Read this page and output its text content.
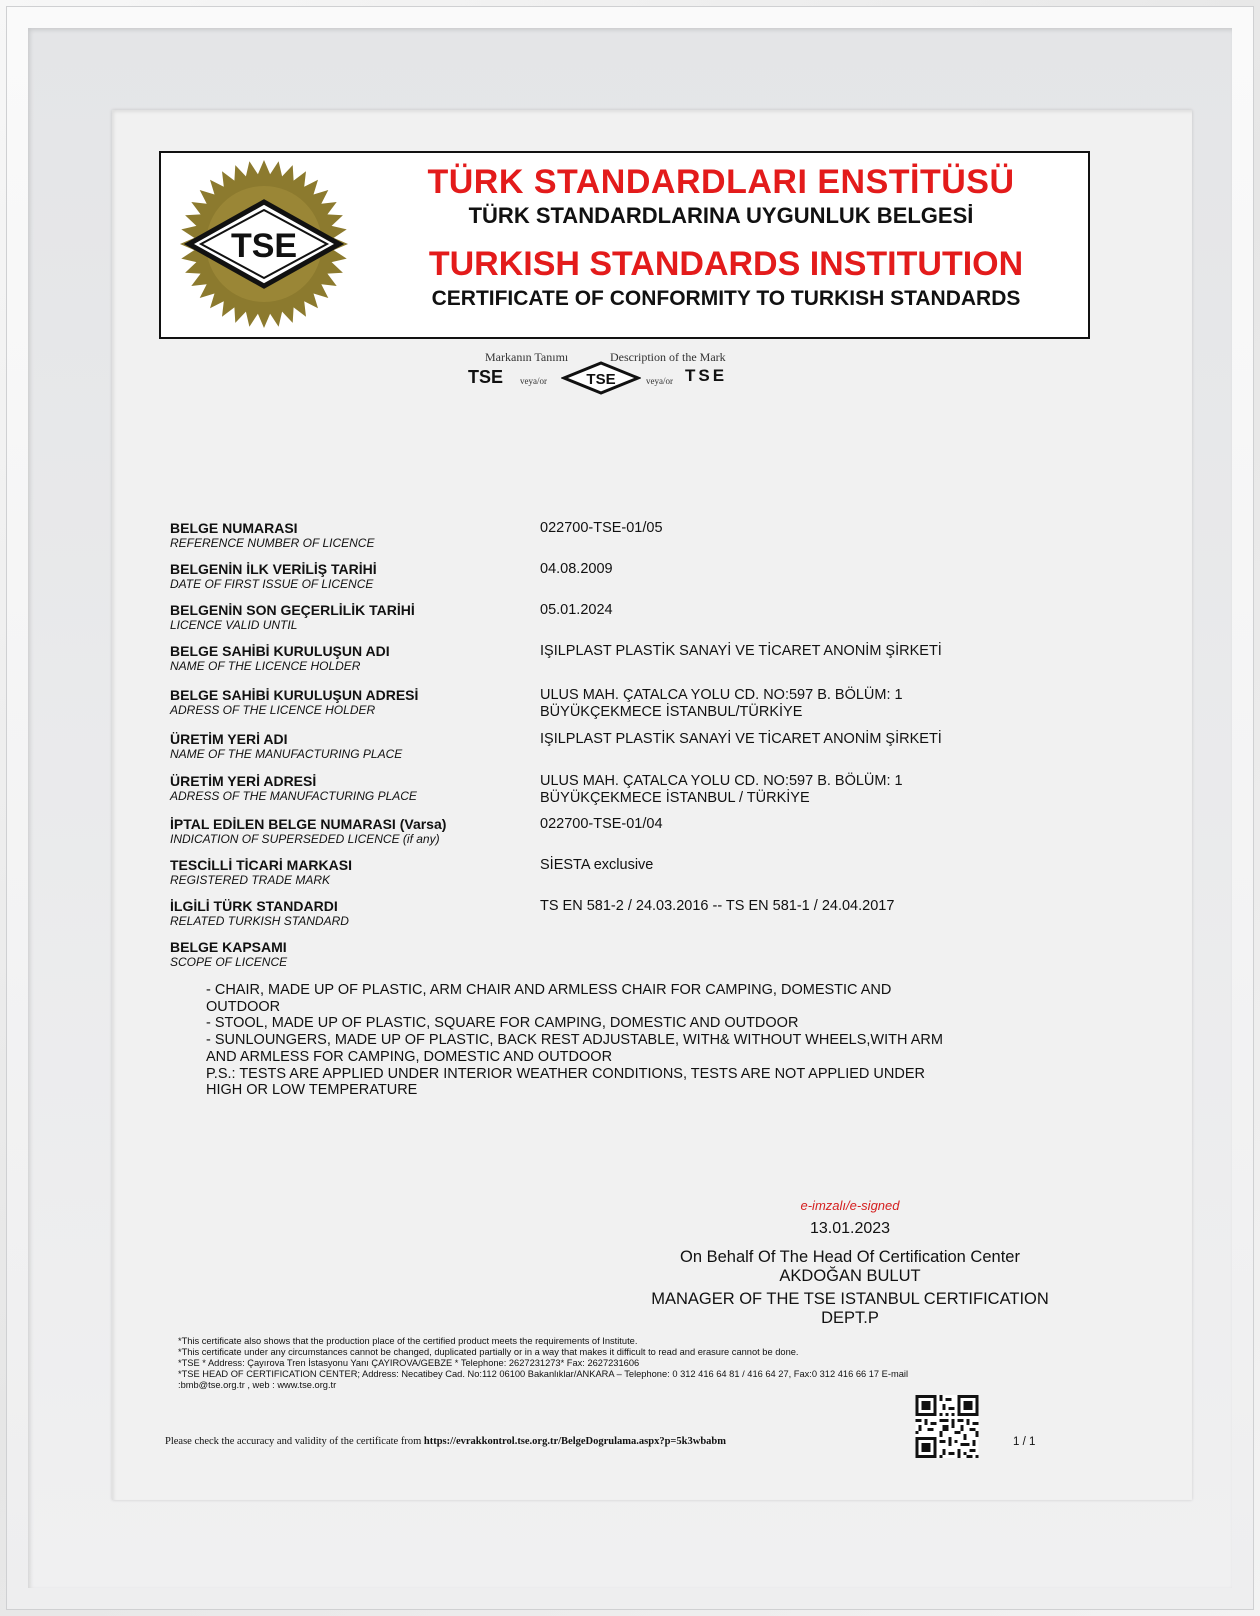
TSE
TÜRK STANDARDLARI ENSTİTÜSÜ
TÜRK STANDARDLARINA UYGUNLUK BELGESİ
TURKISH STANDARDS INSTITUTION
CERTIFICATE OF CONFORMITY TO TURKISH STANDARDS
Markanın Tanımı	Description of the Mark
TSE veya/or	TSE	veya/or TSE
BELGE NUMARASI
REFERENCE NUMBER OF LICENCE
022700-TSE-01/05
BELGENİN İLK VERİLİŞ TARİHİ
DATE OF FIRST ISSUE OF LICENCE
04.08.2009
BELGENİN SON GEÇERLİLİK TARİHİ
LICENCE VALID UNTIL
05.01.2024
BELGE SAHİBİ KURULUŞUN ADI
NAME OF THE LICENCE HOLDER
IŞILPLAST PLASTİK SANAYİ VE TİCARET ANONİM ŞİRKETİ
BELGE SAHİBİ KURULUŞUN ADRESİ
ADRESS OF THE LICENCE HOLDER
ULUS MAH. ÇATALCA YOLU CD. NO:597 B. BÖLÜM: 1
BÜYÜKÇEKMECE İSTANBUL/TÜRKİYE
ÜRETİM YERİ ADI
NAME OF THE MANUFACTURING PLACE
IŞILPLAST PLASTİK SANAYİ VE TİCARET ANONİM ŞİRKETİ
ÜRETİM YERİ ADRESİ
ADRESS OF THE MANUFACTURING PLACE
ULUS MAH. ÇATALCA YOLU CD. NO:597 B. BÖLÜM: 1
BÜYÜKÇEKMECE İSTANBUL / TÜRKİYE
İPTAL EDİLEN BELGE NUMARASI (Varsa)
INDICATION OF SUPERSEDED LICENCE (if any)
022700-TSE-01/04
TESCİLLİ TİCARİ MARKASI
REGISTERED TRADE MARK
SİESTA exclusive
İLGİLİ TÜRK STANDARDI
RELATED TURKISH STANDARD
TS EN 581-2 / 24.03.2016 -- TS EN 581-1 / 24.04.2017
BELGE KAPSAMI
SCOPE OF LICENCE
- CHAIR, MADE UP OF PLASTIC, ARM CHAIR AND ARMLESS CHAIR FOR CAMPING, DOMESTIC AND
OUTDOOR
- STOOL, MADE UP OF PLASTIC, SQUARE FOR CAMPING, DOMESTIC AND OUTDOOR
- SUNLOUNGERS, MADE UP OF PLASTIC, BACK REST ADJUSTABLE, WITH& WITHOUT WHEELS,WITH ARM
AND ARMLESS FOR CAMPING, DOMESTIC AND OUTDOOR
P.S.: TESTS ARE APPLIED UNDER INTERIOR WEATHER CONDITIONS, TESTS ARE NOT APPLIED UNDER
HIGH OR LOW TEMPERATURE
e-imzalı/e-signed
13.01.2023
On Behalf Of The Head Of Certification Center
AKDOĞAN BULUT
MANAGER OF THE TSE ISTANBUL CERTIFICATION
DEPT.P
*This certificate also shows that the production place of the certified product meets the requirements of Institute.
*This certificate under any circumstances cannot be changed, duplicated partially or in a way that makes it difficult to read and erasure cannot be done.
*TSE * Address: Çayırova Tren İstasyonu Yanı ÇAYIROVA/GEBZE * Telephone: 2627231273* Fax: 2627231606
*TSE HEAD OF CERTIFICATION CENTER; Address: Necatibey Cad. No:112 06100 Bakanlıklar/ANKARA – Telephone: 0 312 416 64 81 / 416 64 27, Fax:0 312 416 66 17 E-mail
:bmb@tse.org.tr , web : www.tse.org.tr
Please check the accuracy and validity of the certificate from https://evrakkontrol.tse.org.tr/BelgeDogrulama.aspx?p=5k3wbabm	1 / 1
